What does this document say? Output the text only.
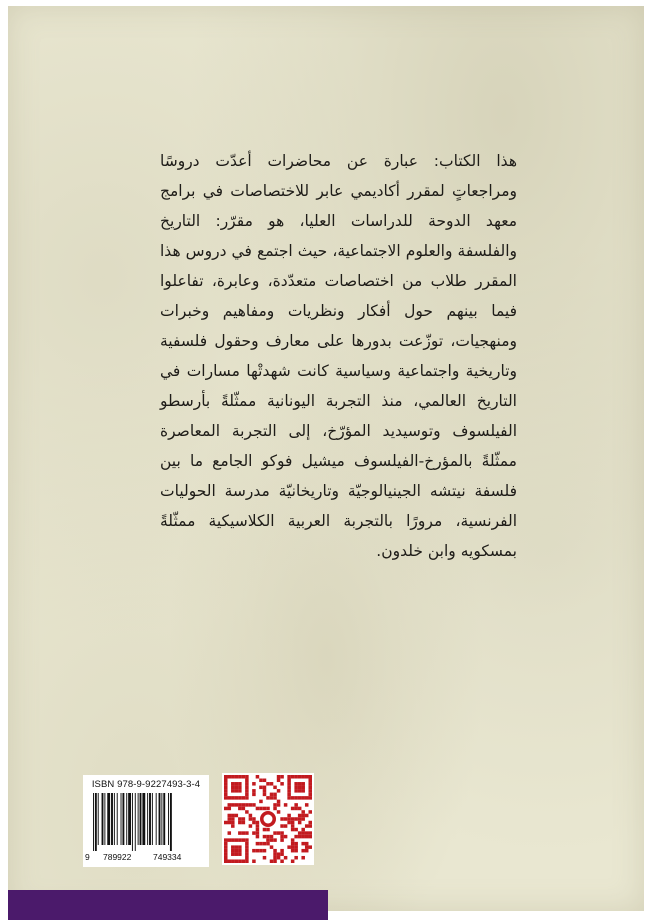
هذا الكتاب: عبارة عن محاضرات أعدّت دروسًا ومراجعاتٍ لمقرر أكاديمي عابر للاختصاصات في برامج معهد الدوحة للدراسات العليا، هو مقرّر: التاريخ والفلسفة والعلوم الاجتماعية، حيث اجتمع في دروس هذا المقرر طلاب من اختصاصات متعدّدة، وعابرة، تفاعلوا فيما بينهم حول أفكار ونظريات ومفاهيم وخبرات ومنهجيات، توزّعت بدورها على معارف وحقول فلسفية وتاريخية واجتماعية وسياسية كانت شهدتْها مسارات في التاريخ العالمي، منذ التجربة اليونانية ممثّلةً بأرسطو الفيلسوف وتوسيديد المؤرّخ، إلى التجربة المعاصرة ممثّلةً بالمؤرخ-الفيلسوف ميشيل فوكو الجامع ما بين فلسفة نيتشه الجينيالوجيّة وتاريخانيّة مدرسة الحوليات الفرنسية، مرورًا بالتجربة العربية الكلاسيكية ممثّلةً بمسكويه وابن خلدون.
ISBN 978-9-9227493-3-4
9 789922	749334
